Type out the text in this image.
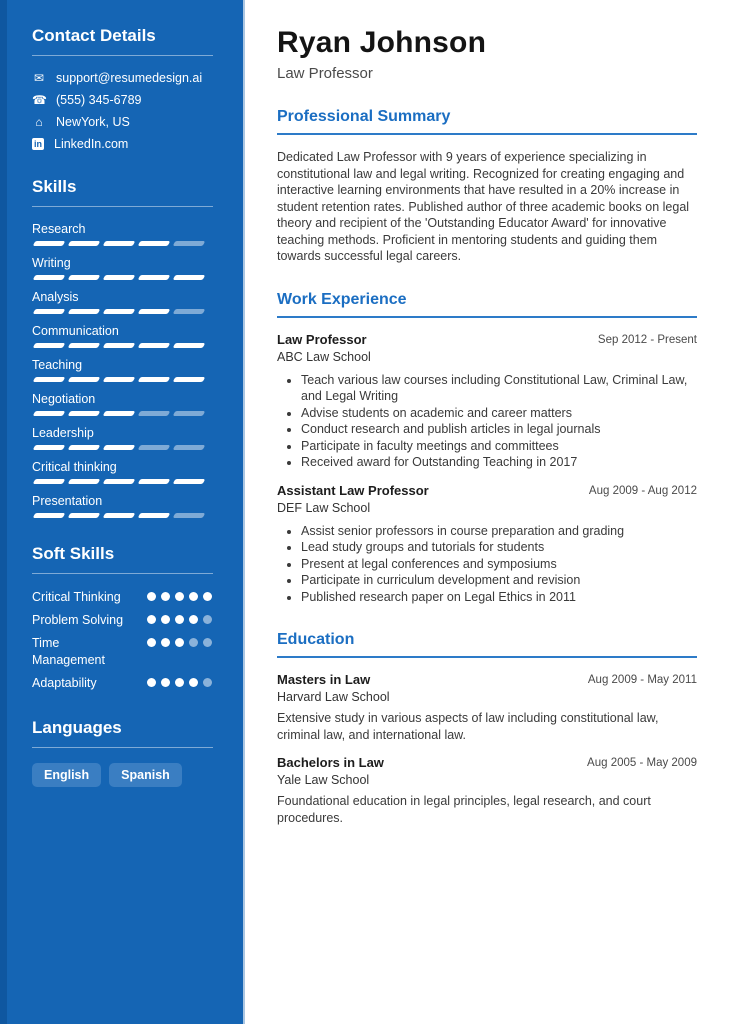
Contact Details
✉ support@resumedesign.ai
☎ (555) 345-6789
⌂ NewYork, US
in LinkedIn.com
Skills
Research
Writing
Analysis
Communication
Teaching
Negotiation
Leadership
Critical thinking
Presentation
Soft Skills
Critical Thinking
Problem Solving
Time Management
Adaptability
Languages
English	Spanish
Ryan Johnson
Law Professor
Professional Summary

Dedicated Law Professor with 9 years of experience specializing in constitutional law and legal writing. Recognized for creating engaging and interactive learning environments that have resulted in a 20% increase in student retention rates. Published author of three academic books on legal theory and recipient of the 'Outstanding Educator Award' for innovative teaching methods. Proficient in mentoring students and guiding them towards successful legal careers.

Work Experience
Law Professor
ABC Law School
Sep 2012 - Present
• Teach various law courses including Constitutional Law, Criminal Law, and Legal Writing
• Advise students on academic and career matters
• Conduct research and publish articles in legal journals
• Participate in faculty meetings and committees
• Received award for Outstanding Teaching in 2017
Assistant Law Professor
DEF Law School
Aug 2009 - Aug 2012
• Assist senior professors in course preparation and grading
• Lead study groups and tutorials for students
• Present at legal conferences and symposiums
• Participate in curriculum development and revision
• Published research paper on Legal Ethics in 2011
Education
Masters in Law
Harvard Law School
Aug 2009 - May 2011

Extensive study in various aspects of law including constitutional law, criminal law, and international law.

Bachelors in Law
Yale Law School
Aug 2005 - May 2009

Foundational education in legal principles, legal research, and court procedures.
